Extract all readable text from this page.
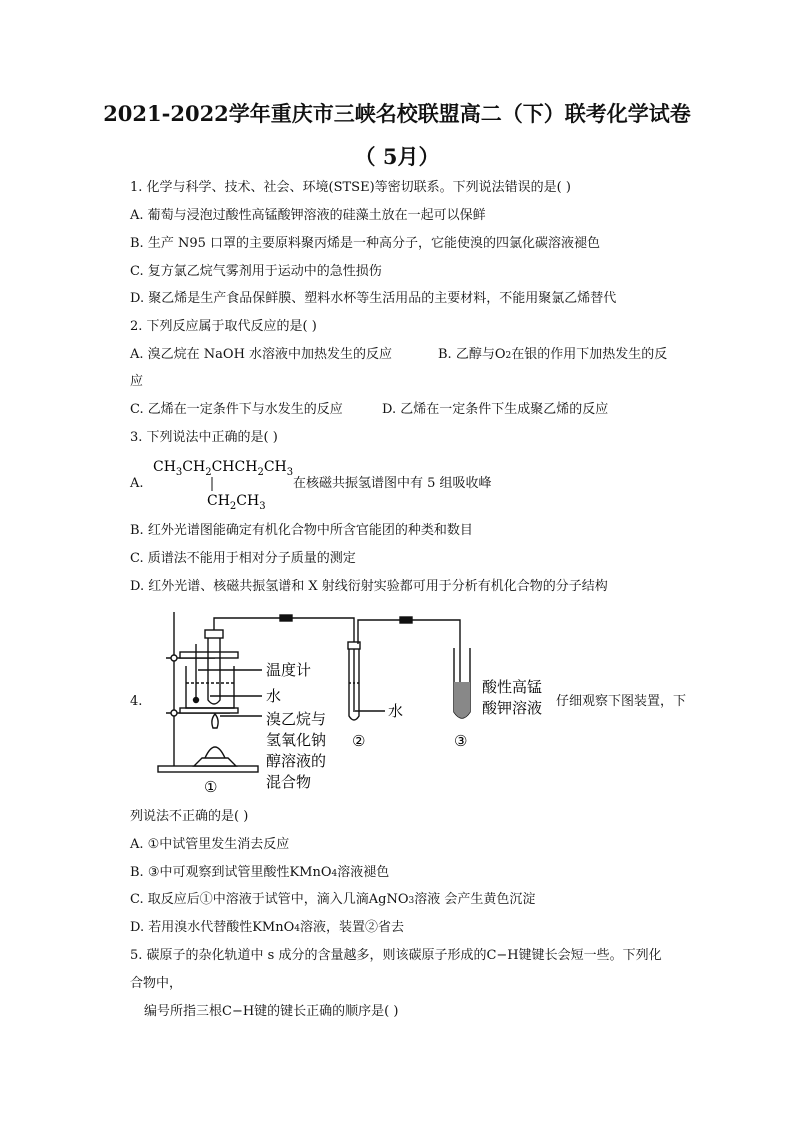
2021-2022学年重庆市三峡名校联盟高二（下）联考化学试卷
（ 5月）
1. 化学与科学、技术、社会、环境(STSE)等密切联系。下列说法错误的是( )
A. 葡萄与浸泡过酸性高锰酸钾溶液的硅藻土放在一起可以保鲜
B. 生产 N95 口罩的主要原料聚丙烯是一种高分子，它能使溴的四氯化碳溶液褪色
C. 复方氯乙烷气雾剂用于运动中的急性损伤
D. 聚乙烯是生产食品保鲜膜、塑料水杯等生活用品的主要材料，不能用聚氯乙烯替代
2. 下列反应属于取代反应的是( )
A. 溴乙烷在 NaOH 水溶液中加热发生的反应	B. 乙醇与O2在银的作用下加热发生的反
应
C. 乙烯在一定条件下与水发生的反应	D. 乙烯在一定条件下生成聚乙烯的反应
3. 下列说法中正确的是( )
A.
$CH_3CH_2CHCH_2CH_3$
$CH_2CH_3$
在核磁共振氢谱图中有 5 组吸收峰
B. 红外光谱图能确定有机化合物中所含官能团的种类和数目
C. 质谱法不能用于相对分子质量的测定
D. 红外光谱、核磁共振氢谱和 X 射线衍射实验都可用于分析有机化合物的分子结构
4.
温度计
水
溴乙烷与
氢氧化钠
醇溶液的
混合物
水
酸性高锰
酸钾溶液
②	③
①
仔细观察下图装置，下
列说法不正确的是( )
A. ①中试管里发生消去反应
B. ③中可观察到试管里酸性KMnO4溶液褪色
C. 取反应后①中溶液于试管中，滴入几滴AgNO3溶液 会产生黄色沉淀
D. 若用溴水代替酸性KMnO4溶液，装置②省去
5. 碳原子的杂化轨道中 s 成分的含量越多，则该碳原子形成的C−H键键长会短一些。下列化
合物中，
编号所指三根C−H键的键长正确的顺序是( )
